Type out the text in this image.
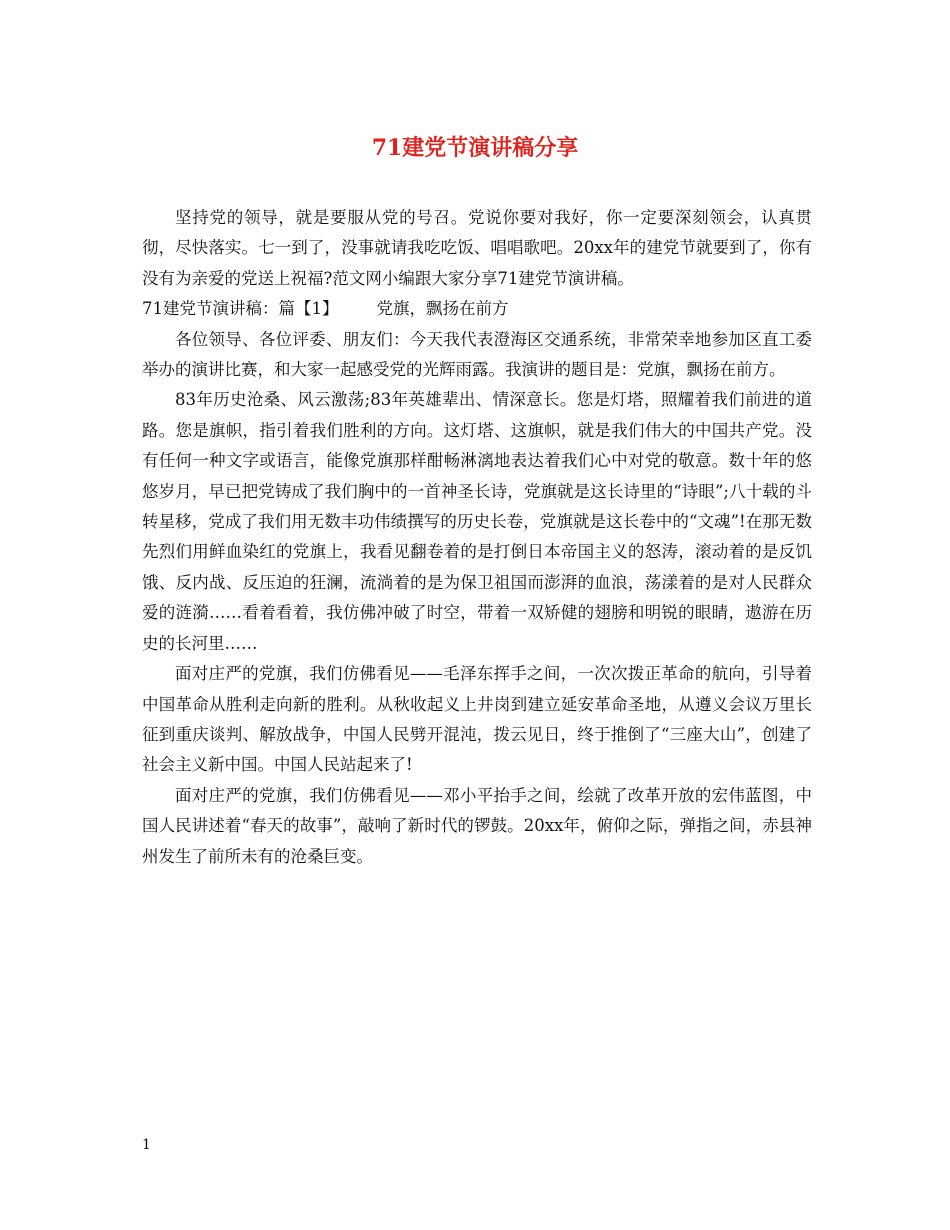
71建党节演讲稿分享

坚持党的领导，就是要服从党的号召。党说你要对我好，你一定要深刻领会，认真贯彻，尽快落实。七一到了，没事就请我吃吃饭、唱唱歌吧。20xx年的建党节就要到了，你有没有为亲爱的党送上祝福?范文网小编跟大家分享71建党节演讲稿。

71建党节演讲稿：篇【1】 党旗，飘扬在前方

各位领导、各位评委、朋友们：今天我代表澄海区交通系统，非常荣幸地参加区直工委举办的演讲比赛，和大家一起感受党的光辉雨露。我演讲的题目是：党旗，飘扬在前方。

83年历史沧桑、风云激荡;83年英雄辈出、情深意长。您是灯塔，照耀着我们前进的道路。您是旗帜，指引着我们胜利的方向。这灯塔、这旗帜，就是我们伟大的中国共产党。没有任何一种文字或语言，能像党旗那样酣畅淋漓地表达着我们心中对党的敬意。数十年的悠悠岁月，早已把党铸成了我们胸中的一首神圣长诗，党旗就是这长诗里的“诗眼”;八十载的斗转星移，党成了我们用无数丰功伟绩撰写的历史长卷，党旗就是这长卷中的“文魂”!在那无数先烈们用鲜血染红的党旗上，我看见翻卷着的是打倒日本帝国主义的怒涛，滚动着的是反饥饿、反内战、反压迫的狂澜，流淌着的是为保卫祖国而澎湃的血浪，荡漾着的是对人民群众爱的涟漪……看着看着，我仿佛冲破了时空，带着一双矫健的翅膀和明锐的眼睛，遨游在历史的长河里……

面对庄严的党旗，我们仿佛看见——毛泽东挥手之间，一次次拨正革命的航向，引导着中国革命从胜利走向新的胜利。从秋收起义上井岗到建立延安革命圣地，从遵义会议万里长征到重庆谈判、解放战争，中国人民劈开混沌，拨云见日，终于推倒了“三座大山”，创建了社会主义新中国。中国人民站起来了!

面对庄严的党旗，我们仿佛看见——邓小平抬手之间，绘就了改革开放的宏伟蓝图，中国人民讲述着“春天的故事”，敲响了新时代的锣鼓。20xx年，俯仰之际，弹指之间，赤县神州发生了前所未有的沧桑巨变。

1
